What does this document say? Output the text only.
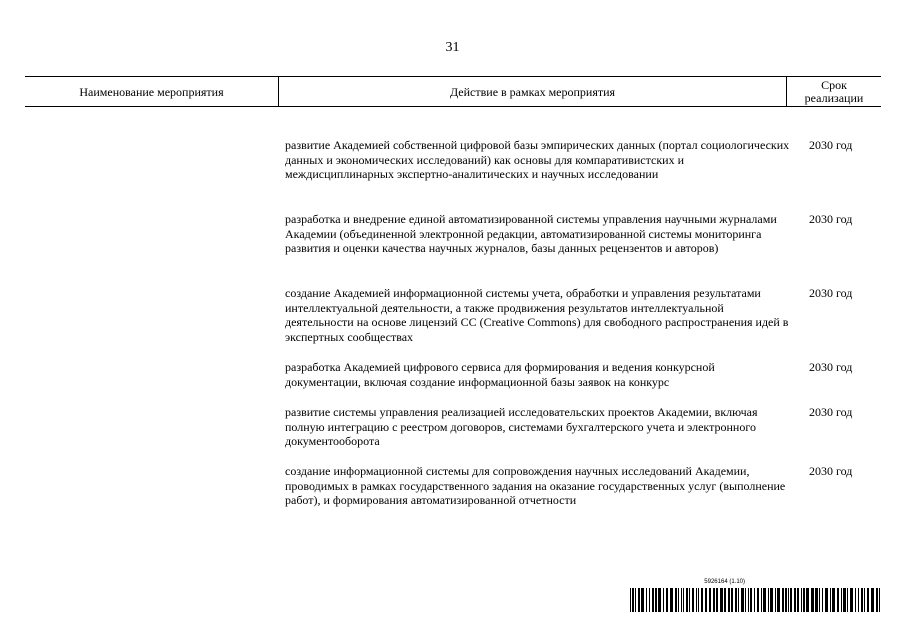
31
Наименование мероприятия	Действие в рамках мероприятия	Срок
реализации
развитие Академией собственной цифровой базы эмпирических данных (портал социологических данных и экономических исследований) как основы для компаративистских и междисциплинарных экспертно-аналитических и научных исследовании
2030 год
разработка и внедрение единой автоматизированной системы управления научными журналами Академии (объединенной электронной редакции, автоматизированной системы мониторинга развития и оценки качества научных журналов, базы данных рецензентов и авторов)
2030 год
создание Академией информационной системы учета, обработки и управления результатами интеллектуальной деятельности, а также продвижения результатов интеллектуальной деятельности на основе лицензий CC (Creative Commons) для свободного распространения идей в экспертных сообществах
2030 год
разработка Академией цифрового сервиса для формирования и ведения конкурсной документации, включая создание информационной базы заявок на конкурс
2030 год
развитие системы управления реализацией исследовательских проектов Академии, включая полную интеграцию с реестром договоров, системами бухгалтерского учета и электронного документооборота
2030 год
создание информационной системы для сопровождения научных исследований Академии, проводимых в рамках государственного задания на оказание государственных услуг (выполнение работ), и формирования автоматизированной отчетности
2030 год
5926164 (1.10)
